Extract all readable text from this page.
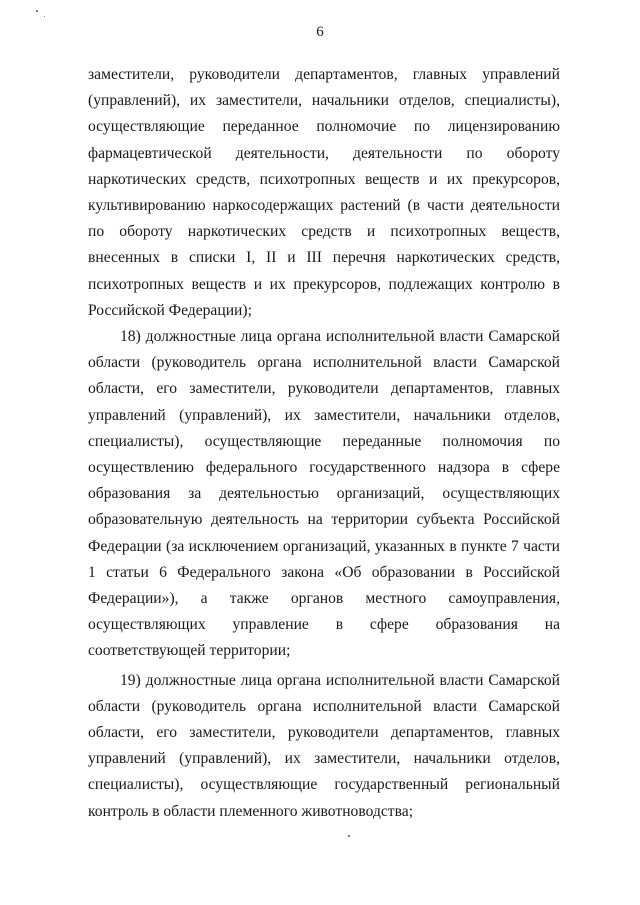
6

заместители, руководители департаментов, главных управлений (управлений), их заместители, начальники отделов, специалисты), осуществляющие переданное полномочие по лицензированию фармацевтической деятельности, деятельности по обороту наркотических средств, психотропных веществ и их прекурсоров, культивированию наркосодержащих растений (в части деятельности по обороту наркотических средств и психотропных веществ, внесенных в списки I, II и III перечня наркотических средств, психотропных веществ и их прекурсоров, подлежащих контролю в Российской Федерации);

18) должностные лица органа исполнительной власти Самарской области (руководитель органа исполнительной власти Самарской области, его заместители, руководители департаментов, главных управлений (управлений), их заместители, начальники отделов, специалисты), осуществляющие переданные полномочия по осуществлению федерального государственного надзора в сфере образования за деятельностью организаций, осуществляющих образовательную деятельность на территории субъекта Российской Федерации (за исключением организаций, указанных в пункте 7 части 1 статьи 6 Федерального закона «Об образовании в Российской Федерации»), а также органов местного самоуправления, осуществляющих управление в сфере образования на соответствующей территории;

19) должностные лица органа исполнительной власти Самарской области (руководитель органа исполнительной власти Самарской области, его заместители, руководители департаментов, главных управлений (управлений), их заместители, начальники отделов, специалисты), осуществляющие государственный региональный контроль в области племенного животноводства;
